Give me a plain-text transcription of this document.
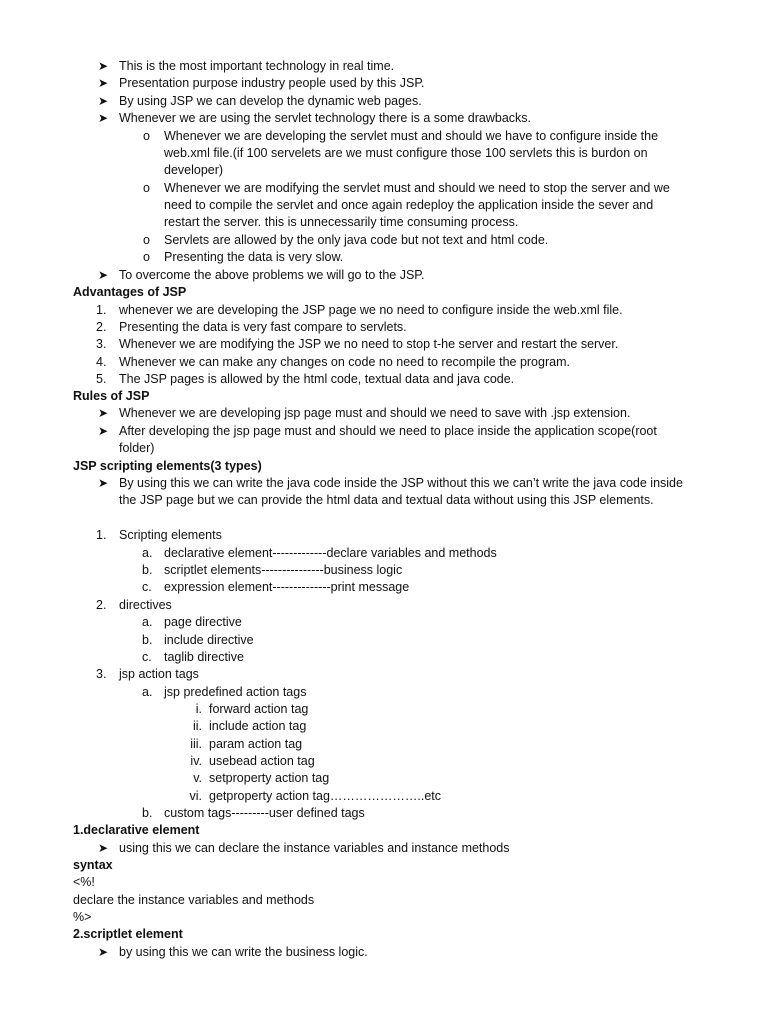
➤ This is the most important technology in real time.
➤ Presentation purpose industry people used by this JSP.
➤ By using JSP we can develop the dynamic web pages.
➤ Whenever we are using the servlet technology there is a some drawbacks.
o Whenever we are developing the servlet must and should we have to configure inside the
web.xml file.(if 100 servelets are we must configure those 100 servlets this is burdon on
developer)
o Whenever we are modifying the servlet must and should we need to stop the server and we
need to compile the servlet and once again redeploy the application inside the sever and
restart the server. this is unnecessarily time consuming process.
o Servlets are allowed by the only java code but not text and html code.
o Presenting the data is very slow.
➤ To overcome the above problems we will go to the JSP.
Advantages of JSP
1. whenever we are developing the JSP page we no need to configure inside the web.xml file.
2. Presenting the data is very fast compare to servlets.
3. Whenever we are modifying the JSP we no need to stop t-he server and restart the server.
4. Whenever we can make any changes on code no need to recompile the program.
5. The JSP pages is allowed by the html code, textual data and java code.
Rules of JSP
➤ Whenever we are developing jsp page must and should we need to save with .jsp extension.
➤ After developing the jsp page must and should we need to place inside the application scope(root
folder)
JSP scripting elements(3 types)
➤ By using this we can write the java code inside the JSP without this we can’t write the java code inside
the JSP page but we can provide the html data and textual data without using this JSP elements.
1. Scripting elements
a. declarative element-------------declare variables and methods
b. scriptlet elements---------------business logic
c. expression element--------------print message
2. directives
a. page directive
b. include directive
c. taglib directive
3. jsp action tags
a. jsp predefined action tags
i. forward action tag
ii. include action tag
iii. param action tag
iv. usebead action tag
v. setproperty action tag
vi. getproperty action tag…………………..etc
b. custom tags---------user defined tags
1.declarative element
➤ using this we can declare the instance variables and instance methods
syntax
<%!
declare the instance variables and methods
%>
2.scriptlet element
➤ by using this we can write the business logic.
